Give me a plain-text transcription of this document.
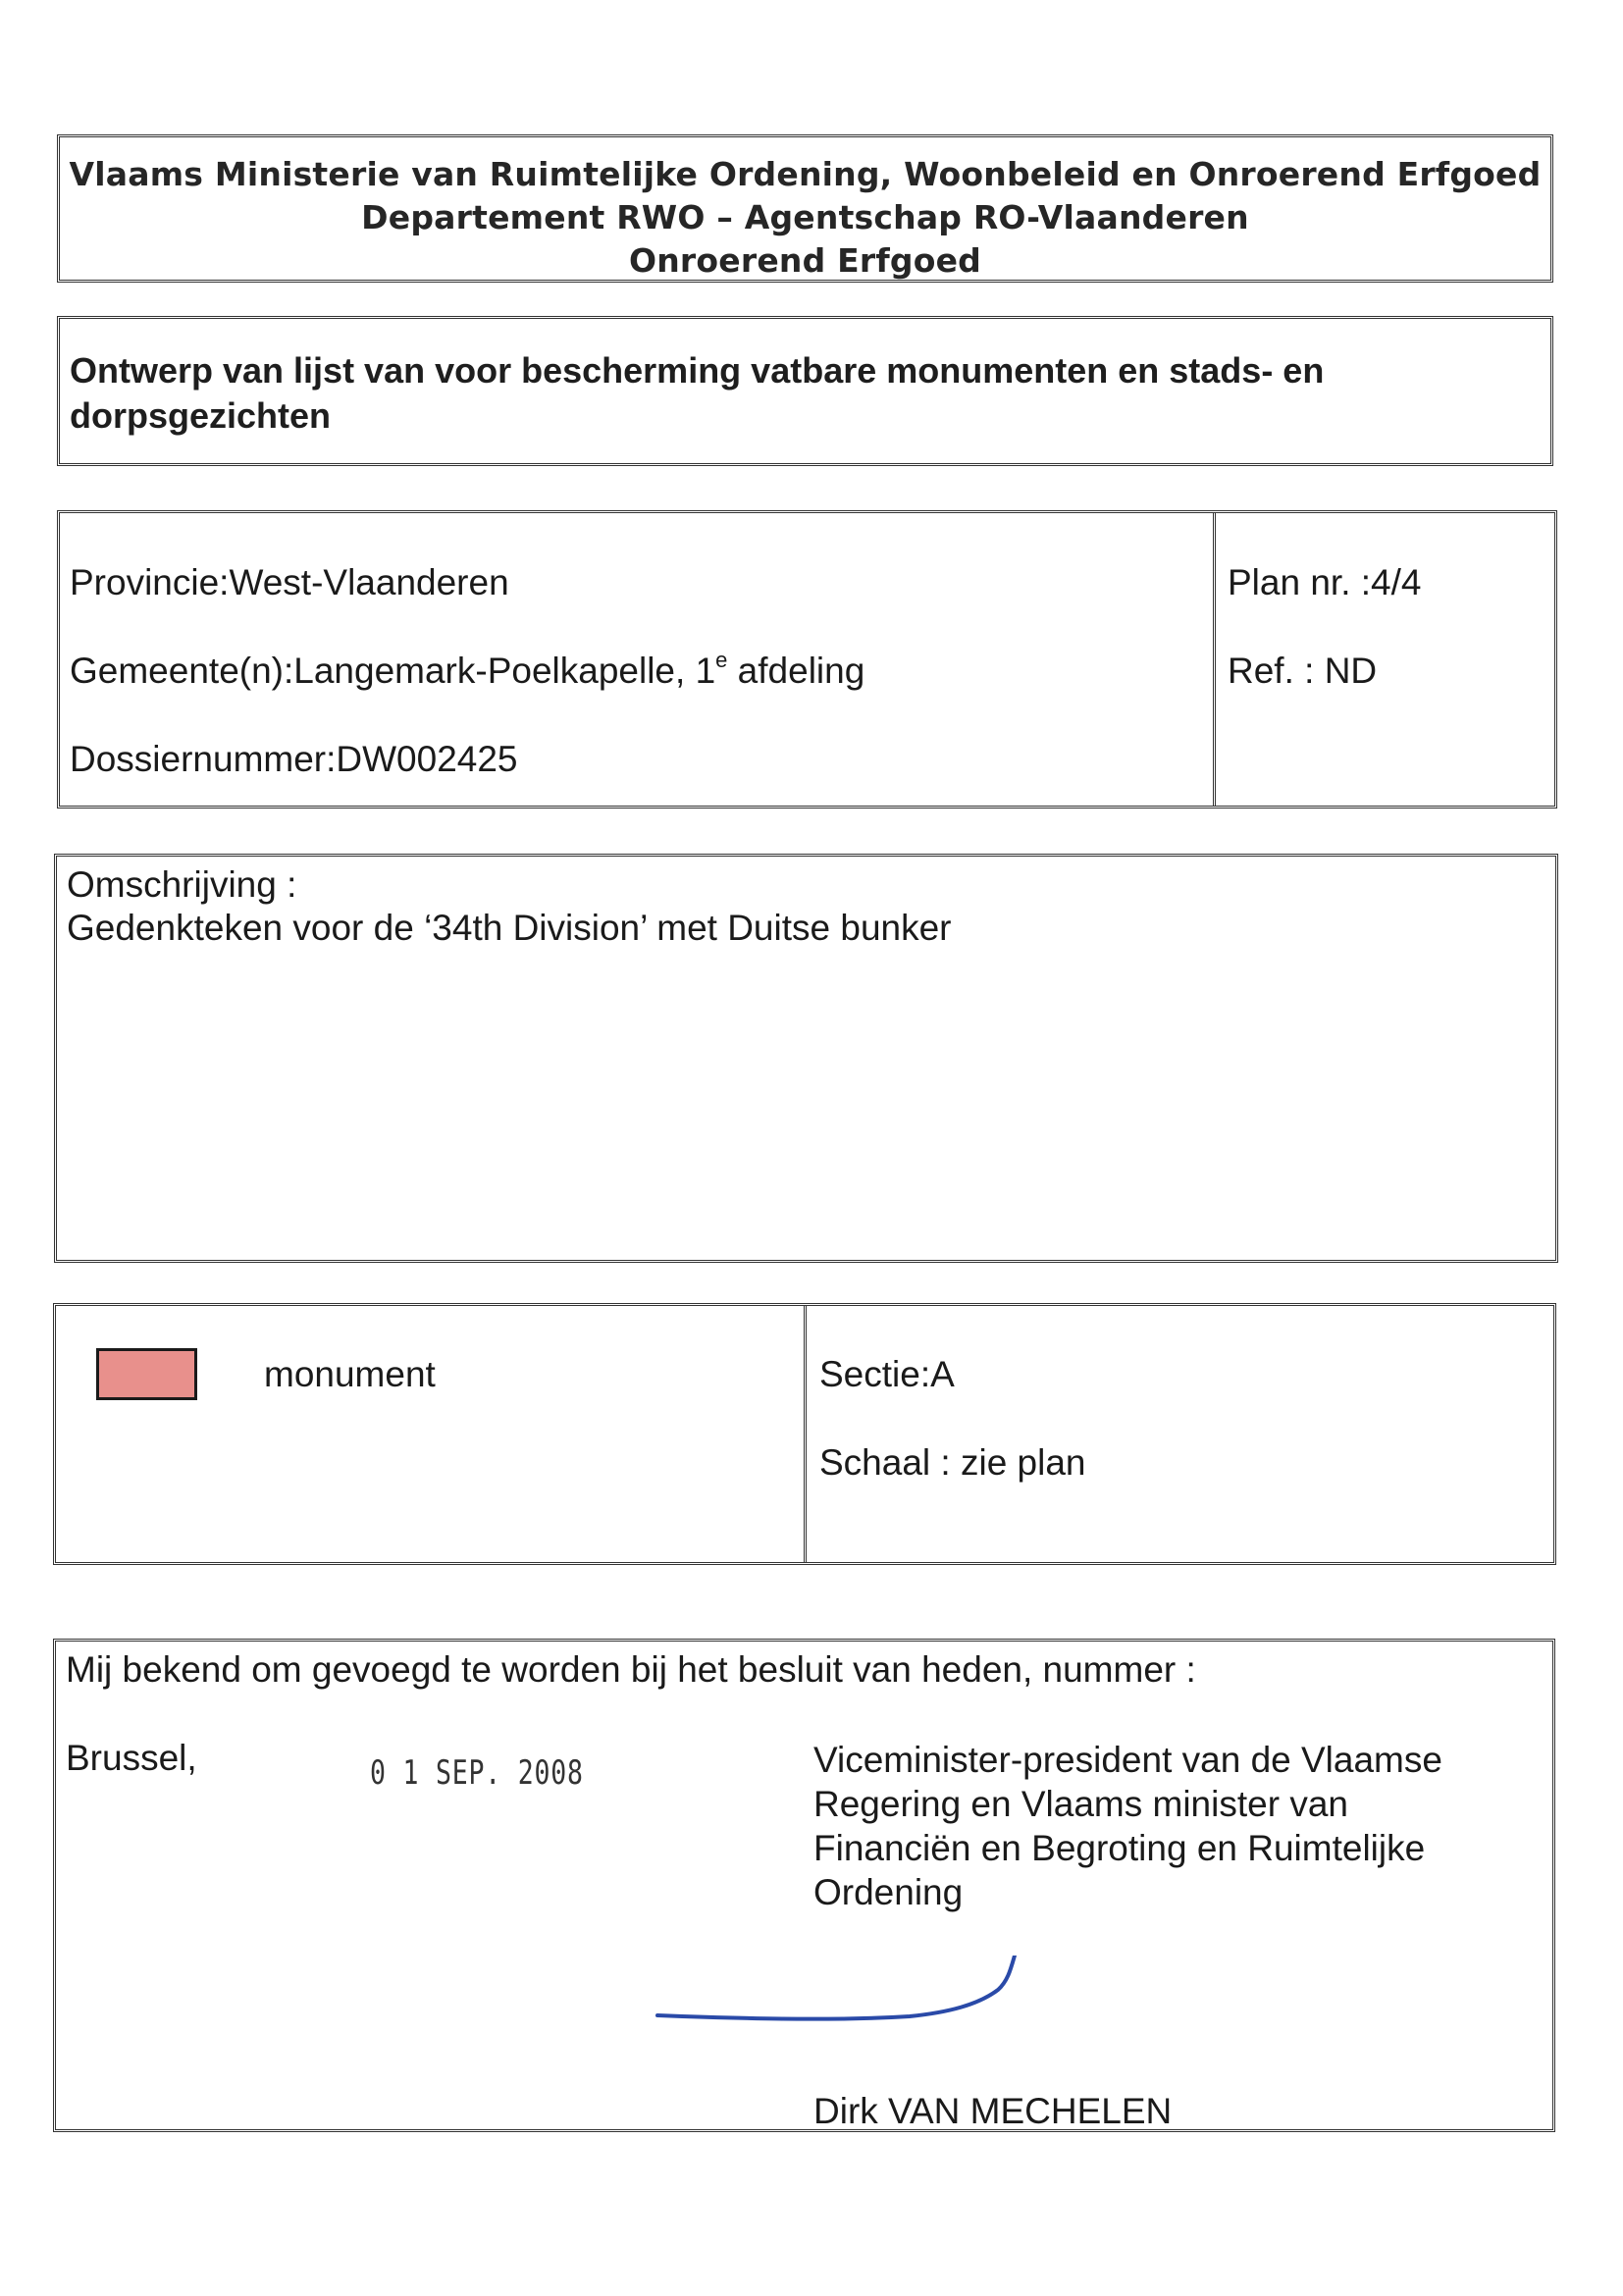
Vlaams Ministerie van Ruimtelijke Ordening, Woonbeleid en Onroerend Erfgoed
Departement RWO – Agentschap RO-Vlaanderen
Onroerend Erfgoed
Ontwerp van lijst van voor bescherming vatbare monumenten en stads- en dorpsgezichten
Provincie:West-Vlaanderen
Gemeente(n):Langemark-Poelkapelle, 1e afdeling
Dossiernummer:DW002425
Plan nr. :4/4
Ref. : ND
Omschrijving :
Gedenkteken voor de ‘34th Division’ met Duitse bunker
monument	Sectie:A
Schaal : zie plan
Mij bekend om gevoegd te worden bij het besluit van heden, nummer :
Brussel,	0 1 SEP. 2008	Viceminister-president van de Vlaamse Regering en Vlaams minister van Financiën en Begroting en Ruimtelijke Ordening
Dirk VAN MECHELEN
